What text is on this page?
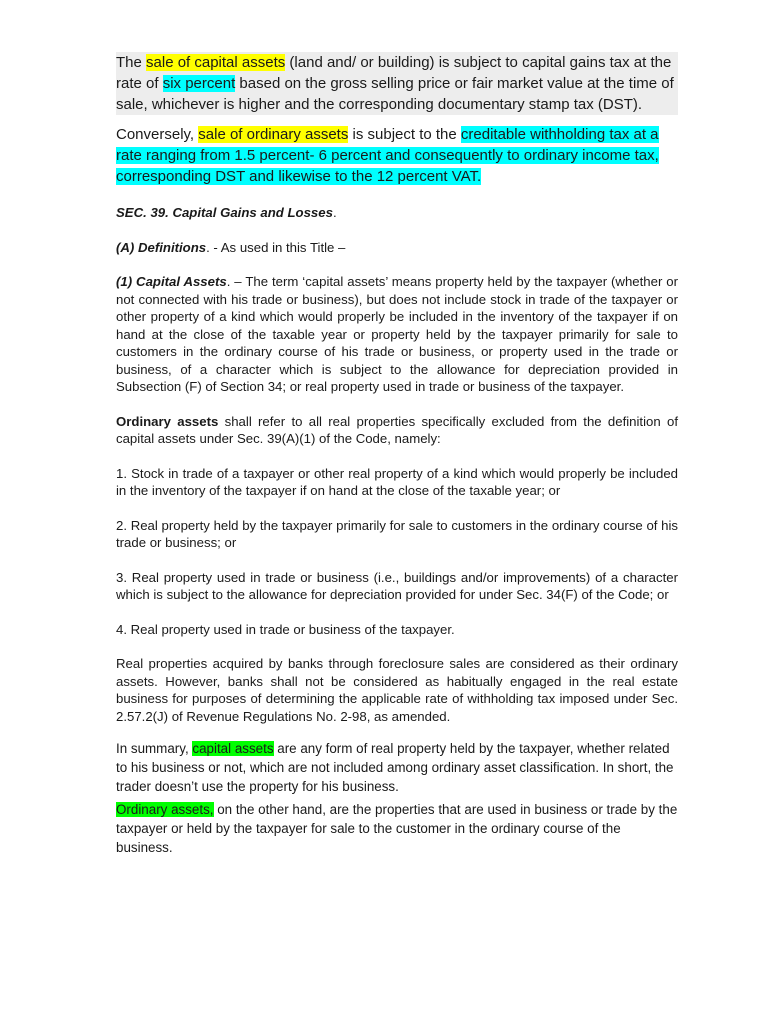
The sale of capital assets (land and/ or building) is subject to capital gains tax at the rate of six percent based on the gross selling price or fair market value at the time of sale, whichever is higher and the corresponding documentary stamp tax (DST).

Conversely, sale of ordinary assets is subject to the creditable withholding tax at a rate ranging from 1.5 percent- 6 percent and consequently to ordinary income tax, corresponding DST and likewise to the 12 percent VAT.

SEC. 39. Capital Gains and Losses.

(A) Definitions. - As used in this Title –

(1) Capital Assets. – The term ‘capital assets’ means property held by the taxpayer (whether or not connected with his trade or business), but does not include stock in trade of the taxpayer or other property of a kind which would properly be included in the inventory of the taxpayer if on hand at the close of the taxable year or property held by the taxpayer primarily for sale to customers in the ordinary course of his trade or business, or property used in the trade or business, of a character which is subject to the allowance for depreciation provided in Subsection (F) of Section 34; or real property used in trade or business of the taxpayer.

Ordinary assets shall refer to all real properties specifically excluded from the definition of capital assets under Sec. 39(A)(1) of the Code, namely:

1. Stock in trade of a taxpayer or other real property of a kind which would properly be included in the inventory of the taxpayer if on hand at the close of the taxable year; or

2. Real property held by the taxpayer primarily for sale to customers in the ordinary course of his trade or business; or

3. Real property used in trade or business (i.e., buildings and/or improvements) of a character which is subject to the allowance for depreciation provided for under Sec. 34(F) of the Code; or

4. Real property used in trade or business of the taxpayer.

Real properties acquired by banks through foreclosure sales are considered as their ordinary assets. However, banks shall not be considered as habitually engaged in the real estate business for purposes of determining the applicable rate of withholding tax imposed under Sec. 2.57.2(J) of Revenue Regulations No. 2-98, as amended.

In summary, capital assets are any form of real property held by the taxpayer, whether related to his business or not, which are not included among ordinary asset classification. In short, the trader doesn’t use the property for his business.

Ordinary assets, on the other hand, are the properties that are used in business or trade by the taxpayer or held by the taxpayer for sale to the customer in the ordinary course of the business.
